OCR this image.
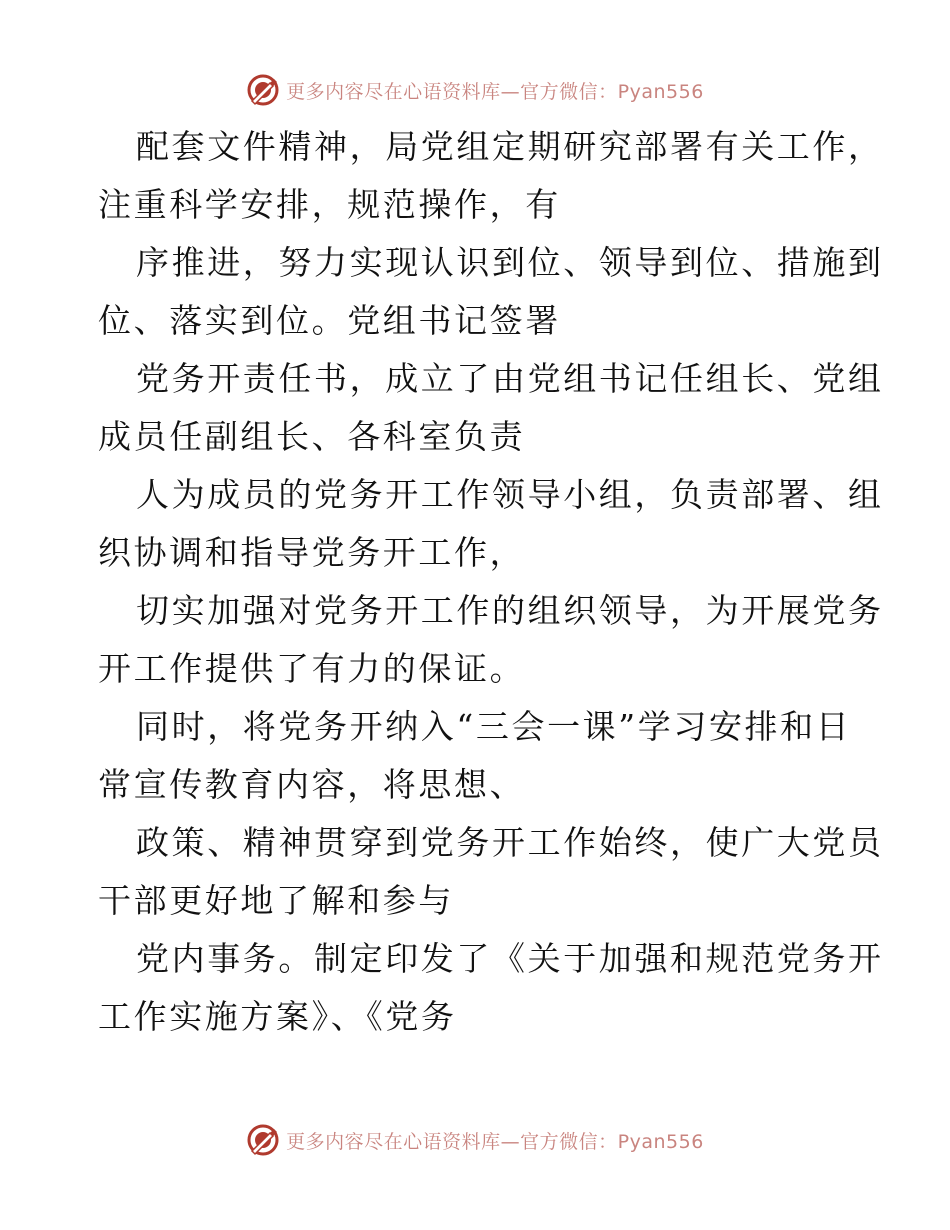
更多内容尽在心语资料库—官方微信：Pyan556

配套文件精神，局党组定期研究部署有关工作，
注重科学安排，规范操作，有

序推进，努力实现认识到位、领导到位、措施到
位、落实到位。党组书记签署

党务开责任书，成立了由党组书记任组长、党组
成员任副组长、各科室负责

人为成员的党务开工作领导小组，负责部署、组
织协调和指导党务开工作，

切实加强对党务开工作的组织领导，为开展党务
开工作提供了有力的保证。

同时，将党务开纳入“三会一课”学习安排和日
常宣传教育内容，将思想、

政策、精神贯穿到党务开工作始终，使广大党员
干部更好地了解和参与

党内事务。制定印发了《关于加强和规范党务开
工作实施方案》、《党务

更多内容尽在心语资料库—官方微信：Pyan556
